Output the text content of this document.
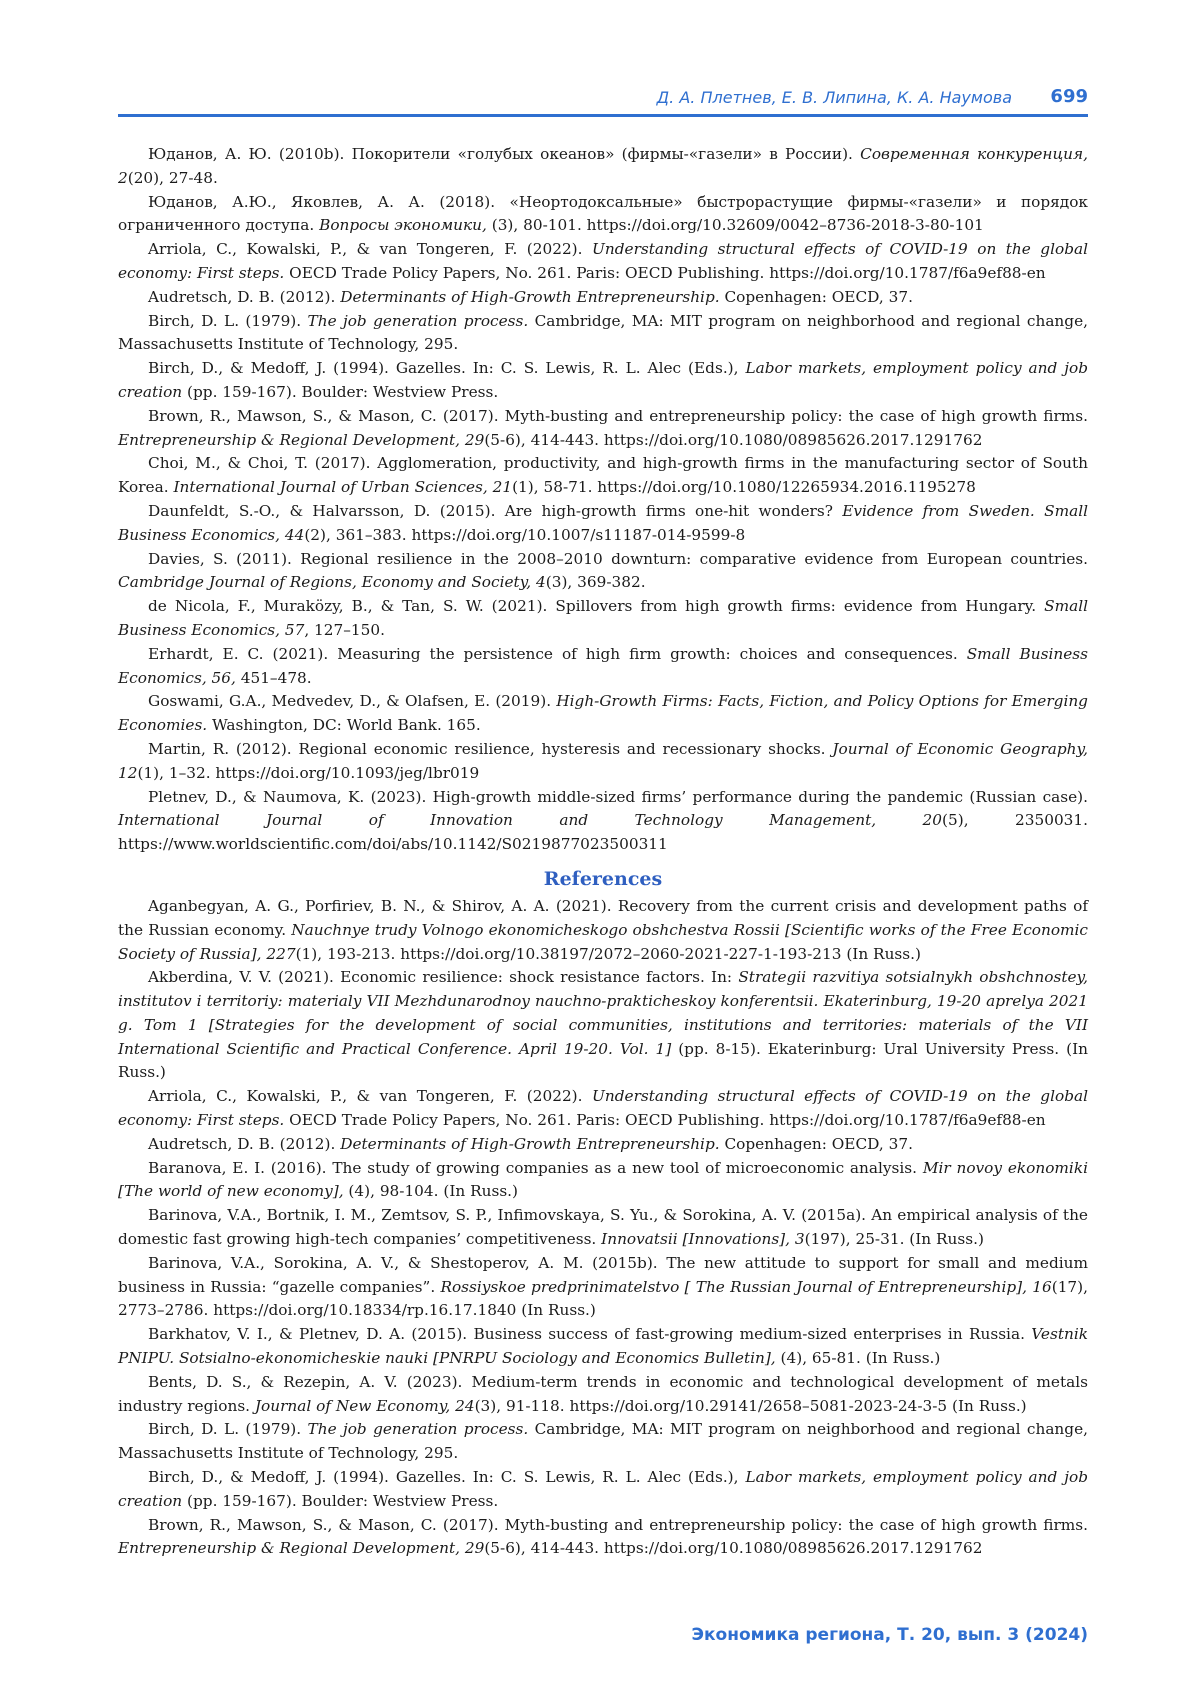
Д. А. Плетнев, Е. В. Липина, К. А. Наумова 699

Юданов, А. Ю. (2010b). Покорители «голубых океанов» (фирмы-«газели» в России). Современная конкуренция, 2(20), 27-48.

Юданов, А.Ю., Яковлев, А. А. (2018). «Неортодоксальные» быстрорастущие фирмы-«газели» и порядок ограниченного доступа. Вопросы экономики, (3), 80-101. https://doi.org/10.32609/0042–8736-2018-3-80-101

Arriola, C., Kowalski, P., & van Tongeren, F. (2022). Understanding structural effects of COVID-19 on the global economy: First steps. OECD Trade Policy Papers, No. 261. Paris: OECD Publishing. https://doi.org/10.1787/f6a9ef88-en

Audretsch, D. B. (2012). Determinants of High-Growth Entrepreneurship. Copenhagen: OECD, 37.

Birch, D. L. (1979). The job generation process. Cambridge, MA: MIT program on neighborhood and regional change, Massachusetts Institute of Technology, 295.

Birch, D., & Medoff, J. (1994). Gazelles. In: C. S. Lewis, R. L. Alec (Eds.), Labor markets, employment policy and job creation (pp. 159-167). Boulder: Westview Press.

Brown, R., Mawson, S., & Mason, C. (2017). Myth-busting and entrepreneurship policy: the case of high growth firms. Entrepreneurship & Regional Development, 29(5-6), 414-443. https://doi.org/10.1080/08985626.2017.1291762

Choi, M., & Choi, T. (2017). Agglomeration, productivity, and high-growth firms in the manufacturing sector of South Korea. International Journal of Urban Sciences, 21(1), 58-71. https://doi.org/10.1080/12265934.2016.1195278

Daunfeldt, S.-O., & Halvarsson, D. (2015). Are high-growth firms one-hit wonders? Evidence from Sweden. Small Business Economics, 44(2), 361–383. https://doi.org/10.1007/s11187-014-9599-8

Davies, S. (2011). Regional resilience in the 2008–2010 downturn: comparative evidence from European countries. Cambridge Journal of Regions, Economy and Society, 4(3), 369-382.

de Nicola, F., Muraközy, B., & Tan, S. W. (2021). Spillovers from high growth firms: evidence from Hungary. Small Business Economics, 57, 127–150.

Erhardt, E. C. (2021). Measuring the persistence of high firm growth: choices and consequences. Small Business Economics, 56, 451–478.

Goswami, G.A., Medvedev, D., & Olafsen, E. (2019). High-Growth Firms: Facts, Fiction, and Policy Options for Emerging Economies. Washington, DC: World Bank. 165.

Martin, R. (2012). Regional economic resilience, hysteresis and recessionary shocks. Journal of Economic Geography, 12(1), 1–32. https://doi.org/10.1093/jeg/lbr019

Pletnev, D., & Naumova, K. (2023). High-growth middle-sized firms’ performance during the pandemic (Russian case). International Journal of Innovation and Technology Management, 20(5), 2350031. https://www.worldscientific.com/doi/abs/10.1142/S0219877023500311

References

Aganbegyan, A. G., Porfiriev, B. N., & Shirov, A. A. (2021). Recovery from the current crisis and development paths of the Russian economy. Nauchnye trudy Volnogo ekonomicheskogo obshchestva Rossii [Scientific works of the Free Economic Society of Russia], 227(1), 193-213. https://doi.org/10.38197/2072–2060-2021-227-1-193-213 (In Russ.)

Akberdina, V. V. (2021). Economic resilience: shock resistance factors. In: Strategii razvitiya sotsialnykh obshchnostey, institutov i territoriy: materialy VII Mezhdunarodnoy nauchno-prakticheskoy konferentsii. Ekaterinburg, 19-20 aprelya 2021 g. Tom 1 [Strategies for the development of social communities, institutions and territories: materials of the VII International Scientific and Practical Conference. April 19-20. Vol. 1] (pp. 8-15). Ekaterinburg: Ural University Press. (In Russ.)

Arriola, C., Kowalski, P., & van Tongeren, F. (2022). Understanding structural effects of COVID-19 on the global economy: First steps. OECD Trade Policy Papers, No. 261. Paris: OECD Publishing. https://doi.org/10.1787/f6a9ef88-en

Audretsch, D. B. (2012). Determinants of High-Growth Entrepreneurship. Copenhagen: OECD, 37.

Baranova, E. I. (2016). The study of growing companies as a new tool of microeconomic analysis. Mir novoy ekonomiki [The world of new economy], (4), 98-104. (In Russ.)

Barinova, V.A., Bortnik, I. M., Zemtsov, S. P., Infimovskaya, S. Yu., & Sorokina, A. V. (2015a). An empirical analysis of the domestic fast growing high-tech companies’ competitiveness. Innovatsii [Innovations], 3(197), 25-31. (In Russ.)

Barinova, V.A., Sorokina, A. V., & Shestoperov, A. M. (2015b). The new attitude to support for small and medium business in Russia: “gazelle companies”. Rossiyskoe predprinimatelstvo [ The Russian Journal of Entrepreneurship], 16(17), 2773–2786. https://doi.org/10.18334/rp.16.17.1840 (In Russ.)

Barkhatov, V. I., & Pletnev, D. A. (2015). Business success of fast-growing medium-sized enterprises in Russia. Vestnik PNIPU. Sotsialno-ekonomicheskie nauki [PNRPU Sociology and Economics Bulletin], (4), 65-81. (In Russ.)

Bents, D. S., & Rezepin, A. V. (2023). Medium-term trends in economic and technological development of metals industry regions. Journal of New Economy, 24(3), 91-118. https://doi.org/10.29141/2658–5081-2023-24-3-5 (In Russ.)

Birch, D. L. (1979). The job generation process. Cambridge, MA: MIT program on neighborhood and regional change, Massachusetts Institute of Technology, 295.

Birch, D., & Medoff, J. (1994). Gazelles. In: C. S. Lewis, R. L. Alec (Eds.), Labor markets, employment policy and job creation (pp. 159-167). Boulder: Westview Press.

Brown, R., Mawson, S., & Mason, C. (2017). Myth-busting and entrepreneurship policy: the case of high growth firms. Entrepreneurship & Regional Development, 29(5-6), 414-443. https://doi.org/10.1080/08985626.2017.1291762

Экономика региона, Т. 20, вып. 3 (2024)
